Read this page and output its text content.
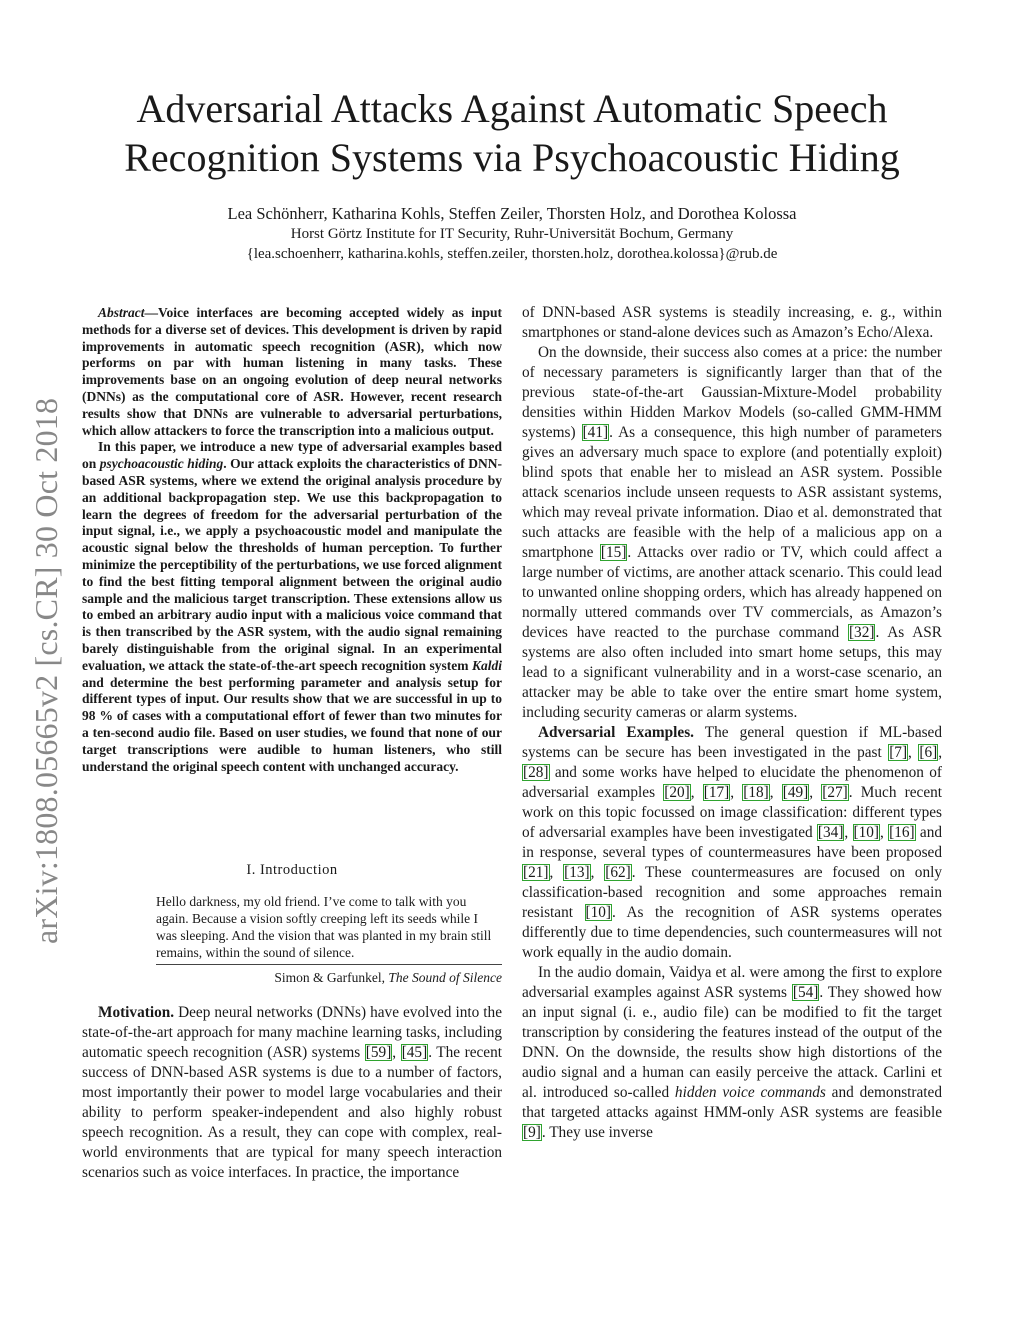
Adversarial Attacks Against Automatic Speech
Recognition Systems via Psychoacoustic Hiding
Lea Schönherr, Katharina Kohls, Steffen Zeiler, Thorsten Holz, and Dorothea Kolossa
Horst Görtz Institute for IT Security, Ruhr-Universität Bochum, Germany
{lea.schoenherr, katharina.kohls, steffen.zeiler, thorsten.holz, dorothea.kolossa}@rub.de
arXiv:1808.05665v2 [cs.CR] 30 Oct 2018

Abstract—Voice interfaces are becoming accepted widely as input methods for a diverse set of devices. This development is driven by rapid improvements in automatic speech recognition (ASR), which now performs on par with human listening in many tasks. These improvements base on an ongoing evolution of deep neural networks (DNNs) as the computational core of ASR. However, recent research results show that DNNs are vulnerable to adversarial perturbations, which allow attackers to force the transcription into a malicious output.

In this paper, we introduce a new type of adversarial examples based on psychoacoustic hiding. Our attack exploits the characteristics of DNN-based ASR systems, where we extend the original analysis procedure by an additional backpropagation step. We use this backpropagation to learn the degrees of freedom for the adversarial perturbation of the input signal, i.e., we apply a psychoacoustic model and manipulate the acoustic signal below the thresholds of human perception. To further minimize the perceptibility of the perturbations, we use forced alignment to find the best fitting temporal alignment between the original audio sample and the malicious target transcription. These extensions allow us to embed an arbitrary audio input with a malicious voice command that is then transcribed by the ASR system, with the audio signal remaining barely distinguishable from the original signal. In an experimental evaluation, we attack the state-of-the-art speech recognition system Kaldi and determine the best performing parameter and analysis setup for different types of input. Our results show that we are successful in up to 98 % of cases with a computational effort of fewer than two minutes for a ten-second audio file. Based on user studies, we found that none of our target transcriptions were audible to human listeners, who still understand the original speech content with unchanged accuracy.

I. Introduction
Hello darkness, my old friend. I’ve come to talk with you again. Because a vision softly creeping left its seeds while I was sleeping. And the vision that was planted in my brain still remains, within the sound of silence.
Simon & Garfunkel, The Sound of Silence

Motivation. Deep neural networks (DNNs) have evolved into the state-of-the-art approach for many machine learning tasks, including automatic speech recognition (ASR) systems [59], [45]. The recent success of DNN-based ASR systems is due to a number of factors, most importantly their power to model large vocabularies and their ability to perform speaker-independent and also highly robust speech recognition. As a result, they can cope with complex, real-world environments that are typical for many speech interaction scenarios such as voice interfaces. In practice, the importance

of DNN-based ASR systems is steadily increasing, e. g., within smartphones or stand-alone devices such as Amazon’s Echo/Alexa.

On the downside, their success also comes at a price: the number of necessary parameters is significantly larger than that of the previous state-of-the-art Gaussian-Mixture-Model probability densities within Hidden Markov Models (so-called GMM-HMM systems) [41]. As a consequence, this high number of parameters gives an adversary much space to explore (and potentially exploit) blind spots that enable her to mislead an ASR system. Possible attack scenarios include unseen requests to ASR assistant systems, which may reveal private information. Diao et al. demonstrated that such attacks are feasible with the help of a malicious app on a smartphone [15]. Attacks over radio or TV, which could affect a large number of victims, are another attack scenario. This could lead to unwanted online shopping orders, which has already happened on normally uttered commands over TV commercials, as Amazon’s devices have reacted to the purchase command [32]. As ASR systems are also often included into smart home setups, this may lead to a significant vulnerability and in a worst-case scenario, an attacker may be able to take over the entire smart home system, including security cameras or alarm systems.

Adversarial Examples. The general question if ML-based systems can be secure has been investigated in the past [7], [6], [28] and some works have helped to elucidate the phenomenon of adversarial examples [20], [17], [18], [49], [27]. Much recent work on this topic focussed on image classification: different types of adversarial examples have been investigated [34], [10], [16] and in response, several types of countermeasures have been proposed [21], [13], [62]. These countermeasures are focused on only classification-based recognition and some approaches remain resistant [10]. As the recognition of ASR systems operates differently due to time dependencies, such countermeasures will not work equally in the audio domain.

In the audio domain, Vaidya et al. were among the first to explore adversarial examples against ASR systems [54]. They showed how an input signal (i. e., audio file) can be modified to fit the target transcription by considering the features instead of the output of the DNN. On the downside, the results show high distortions of the audio signal and a human can easily perceive the attack. Carlini et al. introduced so-called hidden voice commands and demonstrated that targeted attacks against HMM-only ASR systems are feasible [9]. They use inverse
